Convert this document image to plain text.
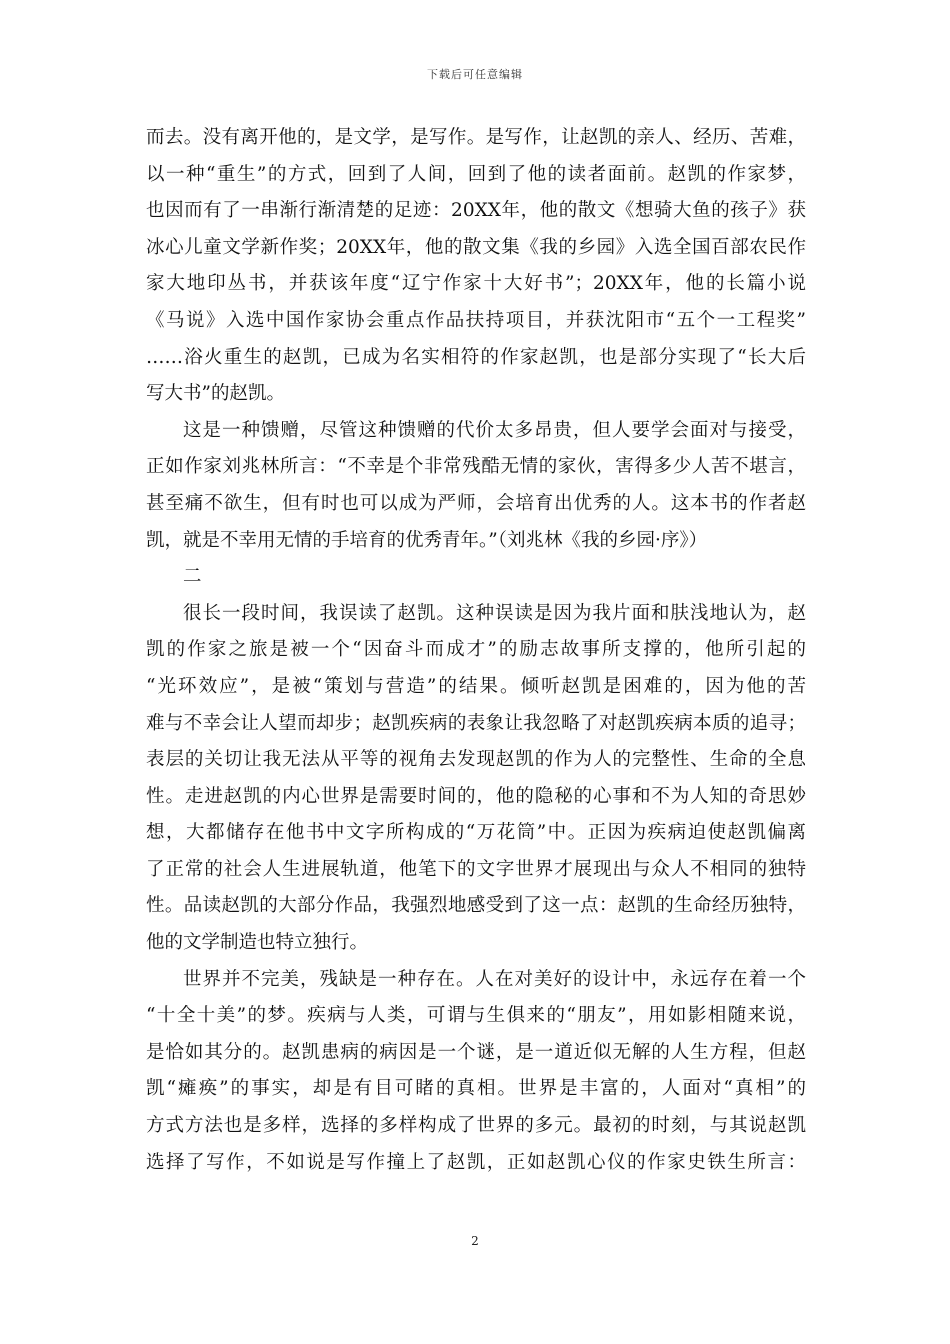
下载后可任意编辑
而去。没有离开他的，是文学，是写作。是写作，让赵凯的亲人、经历、苦难，
以一种“重生”的方式，回到了人间，回到了他的读者面前。赵凯的作家梦，
也因而有了一串渐行渐清楚的足迹：20XX年，他的散文《想骑大鱼的孩子》获
冰心儿童文学新作奖；20XX年，他的散文集《我的乡园》入选全国百部农民作
家大地印丛书，并获该年度“辽宁作家十大好书”；20XX年，他的长篇小说
《马说》入选中国作家协会重点作品扶持项目，并获沈阳市“五个一工程奖”
……浴火重生的赵凯，已成为名实相符的作家赵凯，也是部分实现了“长大后
写大书”的赵凯。
这是一种馈赠，尽管这种馈赠的代价太多昂贵，但人要学会面对与接受，
正如作家刘兆林所言：“不幸是个非常残酷无情的家伙，害得多少人苦不堪言，
甚至痛不欲生，但有时也可以成为严师，会培育出优秀的人。这本书的作者赵
凯，就是不幸用无情的手培育的优秀青年。”（刘兆林《我的乡园·序》）
二
很长一段时间，我误读了赵凯。这种误读是因为我片面和肤浅地认为，赵
凯的作家之旅是被一个“因奋斗而成才”的励志故事所支撑的，他所引起的
“光环效应”，是被“策划与营造”的结果。倾听赵凯是困难的，因为他的苦
难与不幸会让人望而却步；赵凯疾病的表象让我忽略了对赵凯疾病本质的追寻；
表层的关切让我无法从平等的视角去发现赵凯的作为人的完整性、生命的全息
性。走进赵凯的内心世界是需要时间的，他的隐秘的心事和不为人知的奇思妙
想，大都储存在他书中文字所构成的“万花筒”中。正因为疾病迫使赵凯偏离
了正常的社会人生进展轨道，他笔下的文字世界才展现出与众人不相同的独特
性。品读赵凯的大部分作品，我强烈地感受到了这一点：赵凯的生命经历独特，
他的文学制造也特立独行。
世界并不完美，残缺是一种存在。人在对美好的设计中，永远存在着一个
“十全十美”的梦。疾病与人类，可谓与生俱来的“朋友”，用如影相随来说，
是恰如其分的。赵凯患病的病因是一个谜，是一道近似无解的人生方程，但赵
凯“瘫痪”的事实，却是有目可睹的真相。世界是丰富的，人面对“真相”的
方式方法也是多样，选择的多样构成了世界的多元。最初的时刻，与其说赵凯
选择了写作，不如说是写作撞上了赵凯，正如赵凯心仪的作家史铁生所言：
2
